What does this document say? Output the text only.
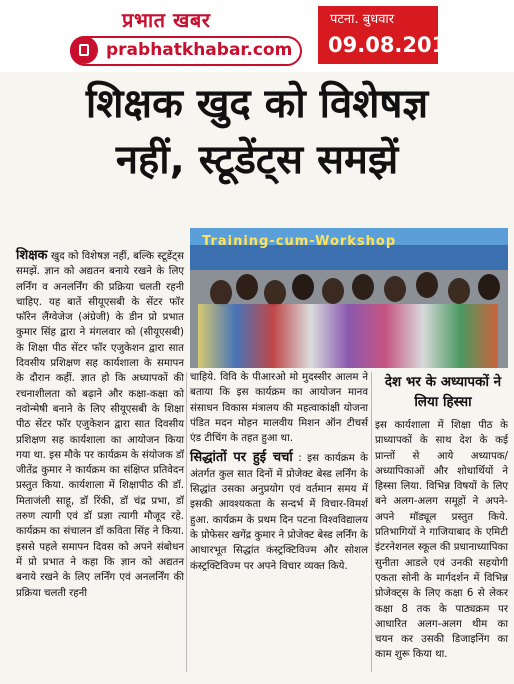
प्रभात खबर
prabhatkhabar.com
पटना. बुधवार
09.08.2017
शिक्षक खुद को विशेषज्ञ
नहीं, स्टूडेंट्स समझें
Training-cum-Workshop
शिक्षक खुद को विशेषज्ञ नहीं, बल्कि स्टूडेंट्स समझें. ज्ञान को अद्यतन बनाये रखने के लिए लर्निंग व अनलर्निंग की प्रक्रिया चलती रहनी चाहिए. यह बातें सीयूएसबी के सेंटर फॉर फॉरेन लैंग्वेजेज (अंग्रेजी) के डीन प्रो प्रभात कुमार सिंह द्वारा ने मंगलवार को (सीयूएसबी) के शिक्षा पीठ सेंटर फॉर एजुकेशन द्वारा सात दिवसीय प्रशिक्षण सह कार्यशाला के समापन के दौरान कहीं. ज्ञात हो कि अध्यापकों की रचनाशीलता को बढ़ाने और कक्षा-कक्षा को नवोन्मेषी बनाने के लिए सीयूएसबी के शिक्षा पीठ सेंटर फॉर एजुकेशन द्वारा सात दिवसीय प्रशिक्षण सह कार्यशाला का आयोजन किया गया था. इस मौके पर कार्यक्रम के संयोजक डॉ जीतेंद्र कुमार ने कार्यक्रम का संक्षिप्त प्रतिवेदन प्रस्तुत किया. कार्यशाला में शिक्षापीठ की डॉ. मिताजंली साहू, डॉ रिंकी, डॉ चंद्र प्रभा, डॉ तरुण त्यागी एवं डॉ प्रज्ञा त्यागी मौजूद रहे. कार्यक्रम का संचालन डॉ कविता सिंह ने किया. इससे पहले समापन दिवस को अपने संबोधन में प्रो प्रभात ने कहा कि ज्ञान को अद्यतन बनाये रखने के लिए लर्निंग एवं अनलर्निंग की प्रक्रिया चलती रहनी
चाहिये. विवि के पीआरओ मो मुदस्सीर आलम ने बताया कि इस कार्यक्रम का आयोजन मानव संसाधन विकास मंत्रालय की महत्वाकांक्षी योजना पंडित मदन मोहन मालवीय मिशन ऑन टीचर्स एंड टीचिंग के तहत हुआ था.
सिद्धांतों पर हुई चर्चा : इस कार्यक्रम के अंतर्गत कुल सात दिनों में प्रोजेक्ट बेस्ड लर्निंग के सिद्धांत उसका अनुप्रयोग एवं वर्तमान समय में इसकी आवश्यकता के सन्दर्भ में विचार-विमर्श हुआ. कार्यक्रम के प्रथम दिन पटना विश्वविद्यालय के प्रोफेसर खगेंद्र कुमार ने प्रोजेक्ट बेस्ड लर्निंग के आधारभूत सिद्धांत कंस्ट्रक्टिविज्म और सोशल कंस्ट्रक्टिविज्म पर अपने विचार व्यक्त किये.
देश भर के अध्यापकों ने लिया हिस्सा
इस कार्यशाला में शिक्षा पीठ के प्राध्यापकों के साथ देश के कई प्रान्तों से आये अध्यापक/अध्यापिकाओं और शोधार्थियों ने हिस्सा लिया. विभिन्न विषयों के लिए बने अलग-अलग समूहों ने अपने-अपने मॉड्यूल प्रस्तुत किये. प्रतिभागियों ने गाजियाबाद के एमिटी इंटरनेशनल स्कूल की प्रधानाध्यापिका सुनीता आडले एवं उनकी सहयोगी एकता सोनी के मार्गदर्शन में विभिन्न प्रोजेक्ट्स के लिए कक्षा 6 से लेकर कक्षा 8 तक के पाठ्यक्रम पर आधारित अलग-अलग थीम का चयन कर उसकी डिजाइनिंग का काम शुरू किया था.
